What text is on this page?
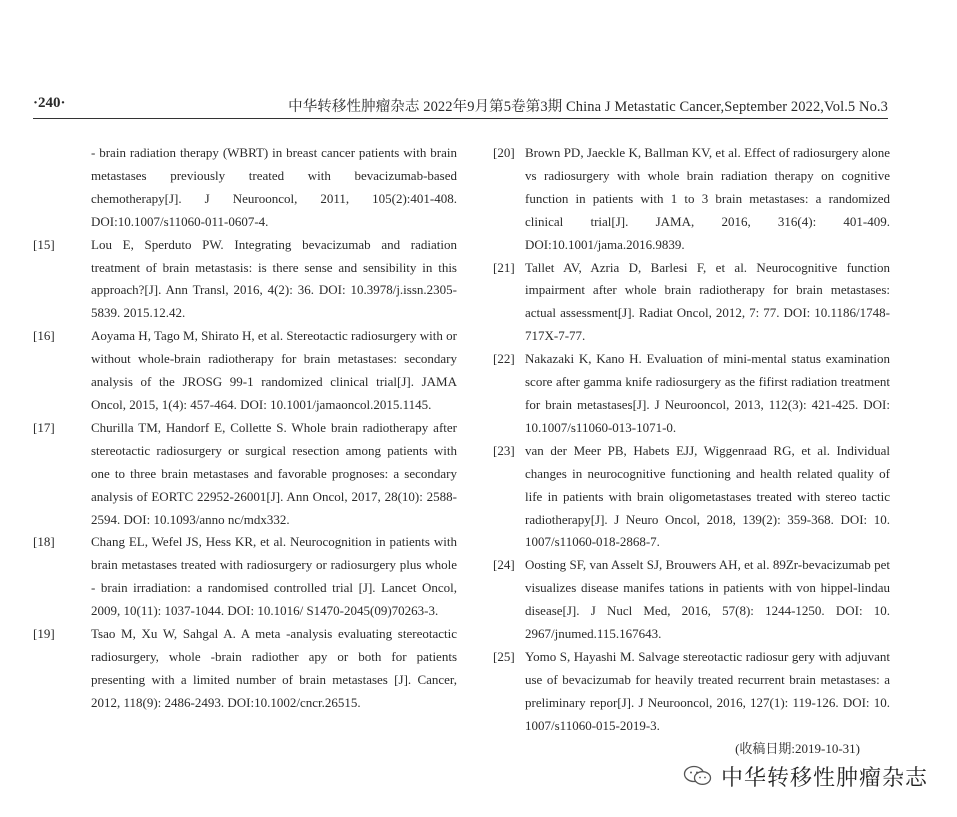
·240·	中华转移性肿瘤杂志 2022年9月第5卷第3期 China J Metastatic Cancer,September 2022,Vol.5 No.3
- brain radiation therapy (WBRT) in breast cancer patients with brain metastases previously treated with bevacizumab-based chemotherapy[J]. J Neurooncol, 2011, 105(2):401-408. DOI:10.1007/s11060-011-0607-4.
[15]	Lou E, Sperduto PW. Integrating bevacizumab and radiation treatment of brain metastasis: is there sense and sensibility in this approach?[J]. Ann Transl, 2016, 4(2): 36. DOI: 10.3978/j.issn.2305-5839. 2015.12.42.
[16]	Aoyama H, Tago M, Shirato H, et al. Stereotactic radiosurgery with or without whole-brain radiotherapy for brain metastases: secondary analysis of the JROSG 99-1 randomized clinical trial[J]. JAMA Oncol, 2015, 1(4): 457-464. DOI: 10.1001/jamaoncol.2015.1145.
[17]	Churilla TM, Handorf E, Collette S. Whole brain radiotherapy after stereotactic radiosurgery or surgical resection among patients with one to three brain metastases and favorable prognoses: a secondary analysis of EORTC 22952-26001[J]. Ann Oncol, 2017, 28(10): 2588-2594. DOI: 10.1093/anno nc/mdx332.
[18]	Chang EL, Wefel JS, Hess KR, et al. Neurocognition in patients with brain metastases treated with radiosurgery or radiosurgery plus whole - brain irradiation: a randomised controlled trial [J]. Lancet Oncol, 2009, 10(11): 1037-1044. DOI: 10.1016/ S1470-2045(09)70263-3.
[19]	Tsao M, Xu W, Sahgal A. A meta -analysis evaluating stereotactic radiosurgery, whole -brain radiother apy or both for patients presenting with a limited number of brain metastases [J]. Cancer, 2012, 118(9): 2486-2493. DOI:10.1002/cncr.26515.
[20] Brown PD, Jaeckle K, Ballman KV, et al. Effect of radiosurgery alone vs radiosurgery with whole brain radiation therapy on cognitive function in patients with 1 to 3 brain metastases: a randomized clinical trial[J]. JAMA, 2016, 316(4): 401-409. DOI:10.1001/jama.2016.9839.
[21] Tallet AV, Azria D, Barlesi F, et al. Neurocognitive function impairment after whole brain radiotherapy for brain metastases: actual assessment[J]. Radiat Oncol, 2012, 7: 77. DOI: 10.1186/1748-717X-7-77.
[22] Nakazaki K, Kano H. Evaluation of mini-mental status examination score after gamma knife radiosurgery as the fifirst radiation treatment for brain metastases[J]. J Neurooncol, 2013, 112(3): 421-425. DOI: 10.1007/s11060-013-1071-0.
[23] van der Meer PB, Habets EJJ, Wiggenraad RG, et al. Individual changes in neurocognitive functioning and health related quality of life in patients with brain oligometastases treated with stereo tactic radiotherapy[J]. J Neuro Oncol, 2018, 139(2): 359-368. DOI: 10. 1007/s11060-018-2868-7.
[24] Oosting SF, van Asselt SJ, Brouwers AH, et al. 89Zr-bevacizumab pet visualizes disease manifes tations in patients with von hippel-lindau disease[J]. J Nucl Med, 2016, 57(8): 1244-1250. DOI: 10. 2967/jnumed.115.167643.
[25] Yomo S, Hayashi M. Salvage stereotactic radiosur gery with adjuvant use of bevacizumab for heavily treated recurrent brain metastases: a preliminary repor[J]. J Neurooncol, 2016, 127(1): 119-126. DOI: 10. 1007/s11060-015-2019-3.
(收稿日期:2019-10-31)
中华转移性肿瘤杂志
